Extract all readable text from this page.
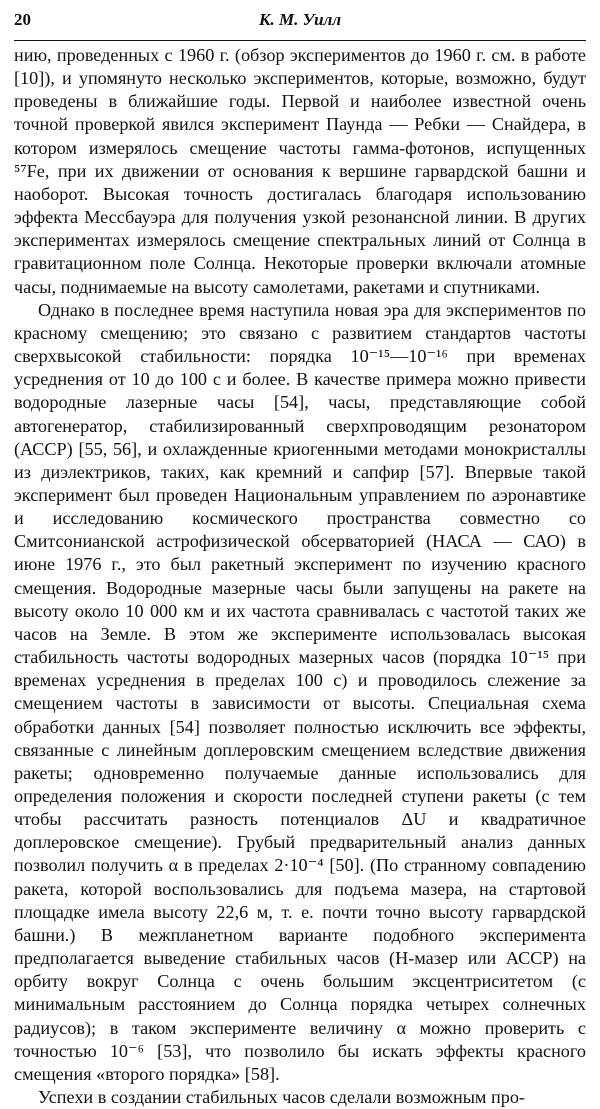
20	К. М. Уилл

нию, проведенных с 1960 г. (обзор экспериментов до 1960 г. см. в работе [10]), и упомянуто несколько экспериментов, которые, возможно, будут проведены в ближайшие годы. Первой и наиболее известной очень точной проверкой явился эксперимент Паунда — Ребки — Снайдера, в котором измерялось смещение частоты гамма-фотонов, испущенных ⁵⁷Fe, при их движении от основания к вершине гарвардской башни и наоборот. Высокая точность достигалась благодаря использованию эффекта Мессбауэра для получения узкой резонансной линии. В других экспериментах измерялось смещение спектральных линий от Солнца в гравитационном поле Солнца. Некоторые проверки включали атомные часы, поднимаемые на высоту самолетами, ракетами и спутниками.

Однако в последнее время наступила новая эра для экспериментов по красному смещению; это связано с развитием стандартов частоты сверхвысокой стабильности: порядка 10⁻¹⁵—10⁻¹⁶ при временах усреднения от 10 до 100 с и более. В качестве примера можно привести водородные лазерные часы [54], часы, представляющие собой автогенератор, стабилизированный сверхпроводящим резонатором (АССР) [55, 56], и охлажденные криогенными методами монокристаллы из диэлектриков, таких, как кремний и сапфир [57]. Впервые такой эксперимент был проведен Национальным управлением по аэронавтике и исследованию космического пространства совместно со Смитсонианской астрофизической обсерваторией (НАСА — САО) в июне 1976 г., это был ракетный эксперимент по изучению красного смещения. Водородные мазерные часы были запущены на ракете на высоту около 10 000 км и их частота сравнивалась с частотой таких же часов на Земле. В этом же эксперименте использовалась высокая стабильность частоты водородных мазерных часов (порядка 10⁻¹⁵ при временах усреднения в пределах 100 с) и проводилось слежение за смещением частоты в зависимости от высоты. Специальная схема обработки данных [54] позволяет полностью исключить все эффекты, связанные с линейным доплеровским смещением вследствие движения ракеты; одновременно получаемые данные использовались для определения положения и скорости последней ступени ракеты (с тем чтобы рассчитать разность потенциалов ΔU и квадратичное доплеровское смещение). Грубый предварительный анализ данных позволил получить α в пределах 2·10⁻⁴ [50]. (По странному совпадению ракета, которой воспользовались для подъема мазера, на стартовой площадке имела высоту 22,6 м, т. е. почти точно высоту гарвардской башни.) В межпланетном варианте подобного эксперимента предполагается выведение стабильных часов (H-мазер или АССР) на орбиту вокруг Солнца с очень большим эксцентриситетом (с минимальным расстоянием до Солнца порядка четырех солнечных радиусов); в таком эксперименте величину α можно проверить с точностью 10⁻⁶ [53], что позволило бы искать эффекты красного смещения «второго порядка» [58].

Успехи в создании стабильных часов сделали возможным про-
